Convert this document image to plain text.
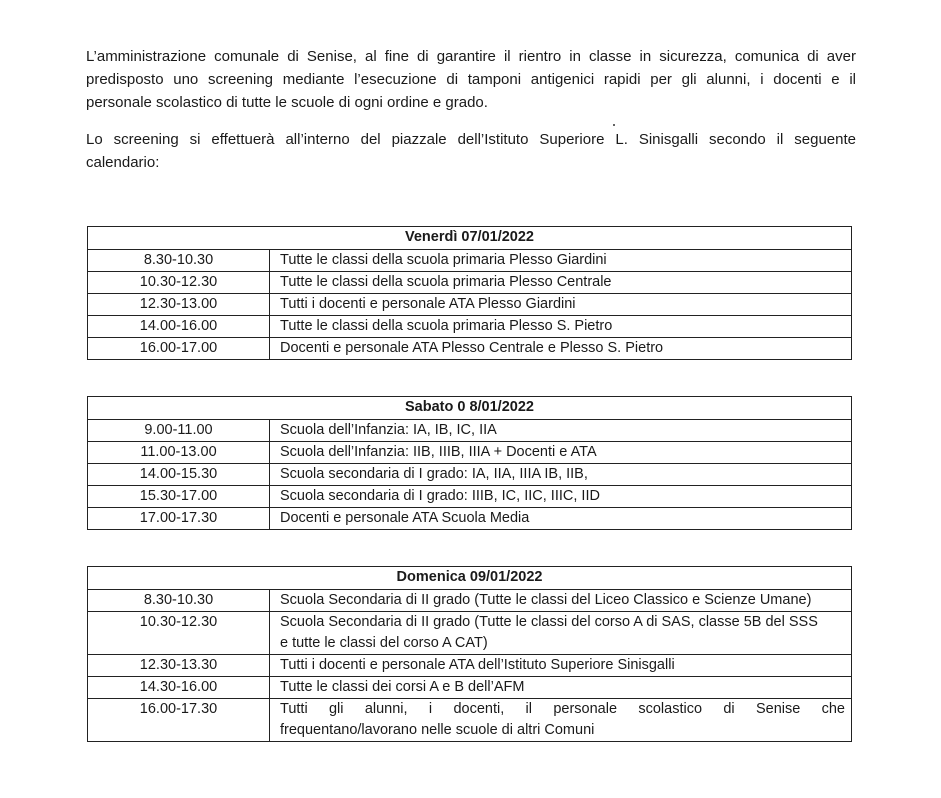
L’amministrazione comunale di Senise, al fine di garantire il rientro in classe in sicurezza, comunica di aver
predisposto uno screening mediante l’esecuzione di tamponi antigenici rapidi per gli alunni, i docenti e il
personale scolastico di tutte le scuole di ogni ordine e grado.

Lo screening si effettuerà all’interno del piazzale dell’Istituto Superiore L. Sinisgalli secondo il seguente
calendario:

Venerdì 07/01/2022	
8.30-10.30	Tutte le classi della scuola primaria Plesso Giardini
10.30-12.30	Tutte le classi della scuola primaria Plesso Centrale
12.30-13.00	Tutti i docenti e personale ATA Plesso Giardini
14.00-16.00	Tutte le classi della scuola primaria Plesso S. Pietro
16.00-17.00	Docenti e personale ATA Plesso Centrale e Plesso S. Pietro
Sabato 0 8/01/2022	
9.00-11.00	Scuola dell’Infanzia: IA, IB, IC, IIA
11.00-13.00	Scuola dell’Infanzia: IIB, IIIB, IIIA + Docenti e ATA
14.00-15.30	Scuola secondaria di I grado: IA, IIA, IIIA IB, IIB,
15.30-17.00	Scuola secondaria di I grado: IIIB, IC, IIC, IIIC, IID
17.00-17.30	Docenti e personale ATA Scuola Media
Domenica 09/01/2022	
8.30-10.30	Scuola Secondaria di II grado (Tutte le classi del Liceo Classico e Scienze Umane)
10.30-12.30	Scuola Secondaria di II grado (Tutte le classi del corso A di SAS, classe 5B del SSS
e tutte le classi del corso A CAT)

12.30-13.30	Tutti i docenti e personale ATA dell’Istituto Superiore Sinisgalli
14.30-16.00	Tutte le classi dei corsi A e B dell’AFM
16.00-17.30	Tutti gli alunni, i docenti, il personale scolastico di Senise che
frequentano/lavorano nelle scuole di altri Comuni
